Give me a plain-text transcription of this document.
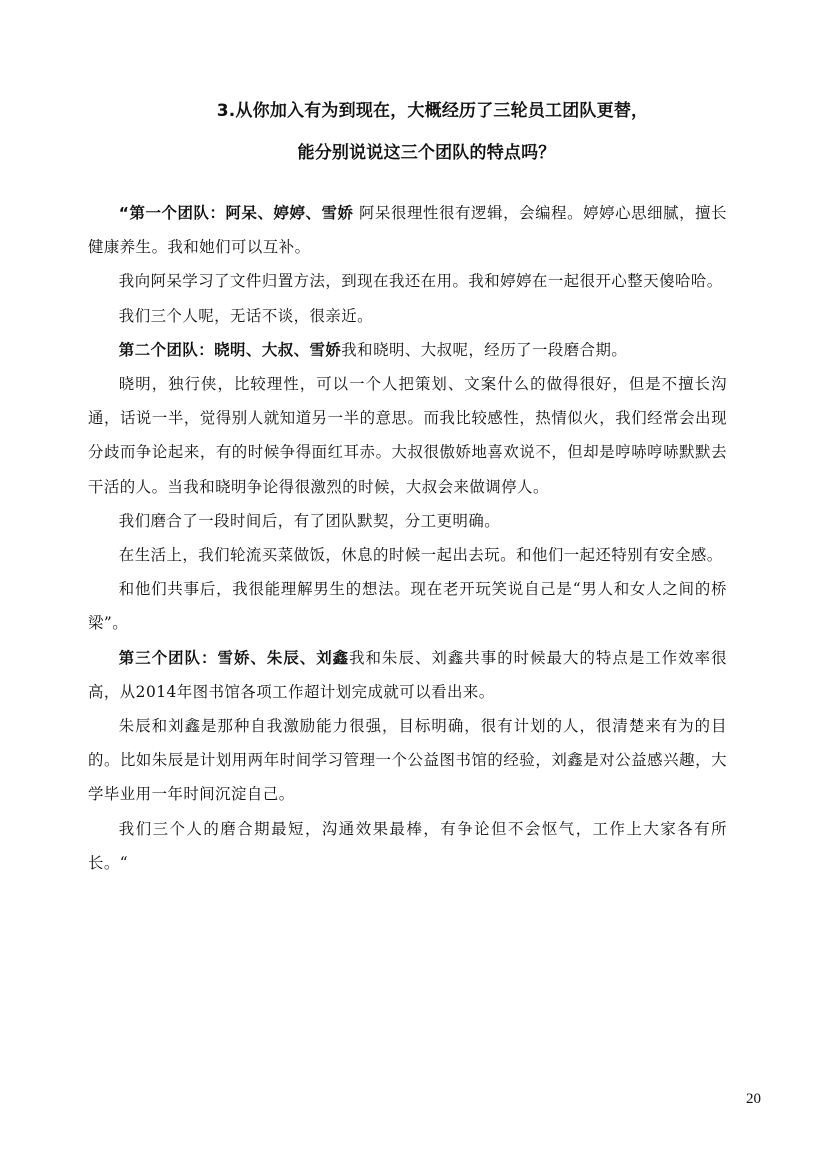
3.从你加入有为到现在，大概经历了三轮员工团队更替，
能分别说说这三个团队的特点吗？

“第一个团队：阿呆、婷婷、雪娇 阿呆很理性很有逻辑，会编程。婷婷心思细腻，擅长健康养生。我和她们可以互补。

我向阿呆学习了文件归置方法，到现在我还在用。我和婷婷在一起很开心整天傻哈哈。

我们三个人呢，无话不谈，很亲近。

第二个团队：晓明、大叔、雪娇我和晓明、大叔呢，经历了一段磨合期。

晓明，独行侠，比较理性，可以一个人把策划、文案什么的做得很好，但是不擅长沟通，话说一半，觉得别人就知道另一半的意思。而我比较感性，热情似火，我们经常会出现分歧而争论起来，有的时候争得面红耳赤。大叔很傲娇地喜欢说不，但却是哼哧哼哧默默去干活的人。当我和晓明争论得很激烈的时候，大叔会来做调停人。

我们磨合了一段时间后，有了团队默契，分工更明确。

在生活上，我们轮流买菜做饭，休息的时候一起出去玩。和他们一起还特别有安全感。

和他们共事后，我很能理解男生的想法。现在老开玩笑说自己是“男人和女人之间的桥梁”。

第三个团队：雪娇、朱辰、刘鑫我和朱辰、刘鑫共事的时候最大的特点是工作效率很高，从2014年图书馆各项工作超计划完成就可以看出来。

朱辰和刘鑫是那种自我激励能力很强，目标明确，很有计划的人，很清楚来有为的目的。比如朱辰是计划用两年时间学习管理一个公益图书馆的经验，刘鑫是对公益感兴趣，大学毕业用一年时间沉淀自己。

我们三个人的磨合期最短，沟通效果最棒，有争论但不会怄气，工作上大家各有所长。“

20
